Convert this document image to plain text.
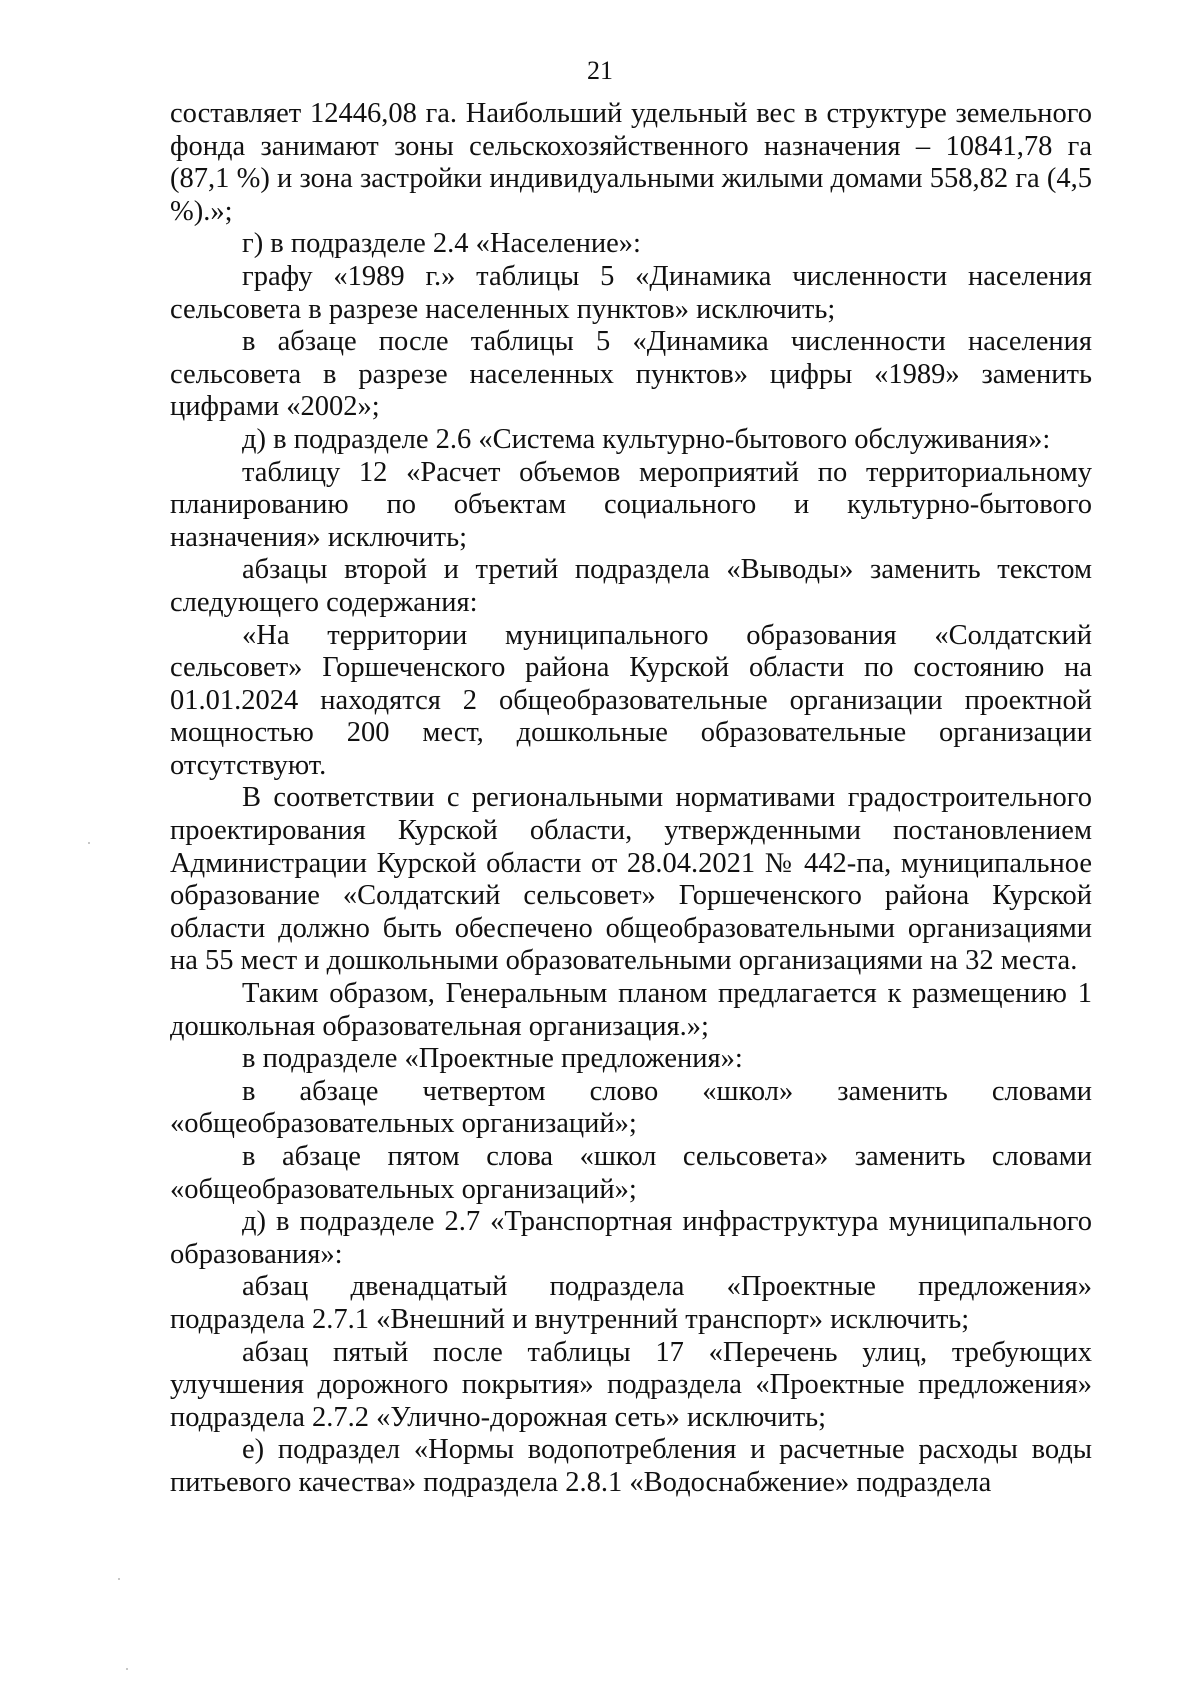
21

составляет 12446,08 га. Наибольший удельный вес в структуре земельного фонда занимают зоны сельскохозяйственного назначения – 10841,78 га (87,1 %) и зона застройки индивидуальными жилыми домами 558,82 га (4,5 %).»;

г) в подразделе 2.4 «Население»:

графу «1989 г.» таблицы 5 «Динамика численности населения сельсовета в разрезе населенных пунктов» исключить;

в абзаце после таблицы 5 «Динамика численности населения сельсовета в разрезе населенных пунктов» цифры «1989» заменить цифрами «2002»;

д) в подразделе 2.6 «Система культурно-бытового обслуживания»:

таблицу 12 «Расчет объемов мероприятий по территориальному планированию по объектам социального и культурно-бытового назначения» исключить;

абзацы второй и третий подраздела «Выводы» заменить текстом следующего содержания:

«На территории муниципального образования «Солдатский сельсовет» Горшеченского района Курской области по состоянию на 01.01.2024 находятся 2 общеобразовательные организации проектной мощностью 200 мест, дошкольные образовательные организации отсутствуют.

В соответствии с региональными нормативами градостроительного проектирования Курской области, утвержденными постановлением Администрации Курской области от 28.04.2021 № 442-па, муниципальное образование «Солдатский сельсовет» Горшеченского района Курской области должно быть обеспечено общеобразовательными организациями на 55 мест и дошкольными образовательными организациями на 32 места.

Таким образом, Генеральным планом предлагается к размещению 1 дошкольная образовательная организация.»;

в подразделе «Проектные предложения»:

в абзаце четвертом слово «школ» заменить словами «общеобразовательных организаций»;

в абзаце пятом слова «школ сельсовета» заменить словами «общеобразовательных организаций»;

д) в подразделе 2.7 «Транспортная инфраструктура муниципального образования»:

абзац двенадцатый подраздела «Проектные предложения» подраздела 2.7.1 «Внешний и внутренний транспорт» исключить;

абзац пятый после таблицы 17 «Перечень улиц, требующих улучшения дорожного покрытия» подраздела «Проектные предложения» подраздела 2.7.2 «Улично-дорожная сеть» исключить;

е) подраздел «Нормы водопотребления и расчетные расходы воды питьевого качества» подраздела 2.8.1 «Водоснабжение» подраздела
